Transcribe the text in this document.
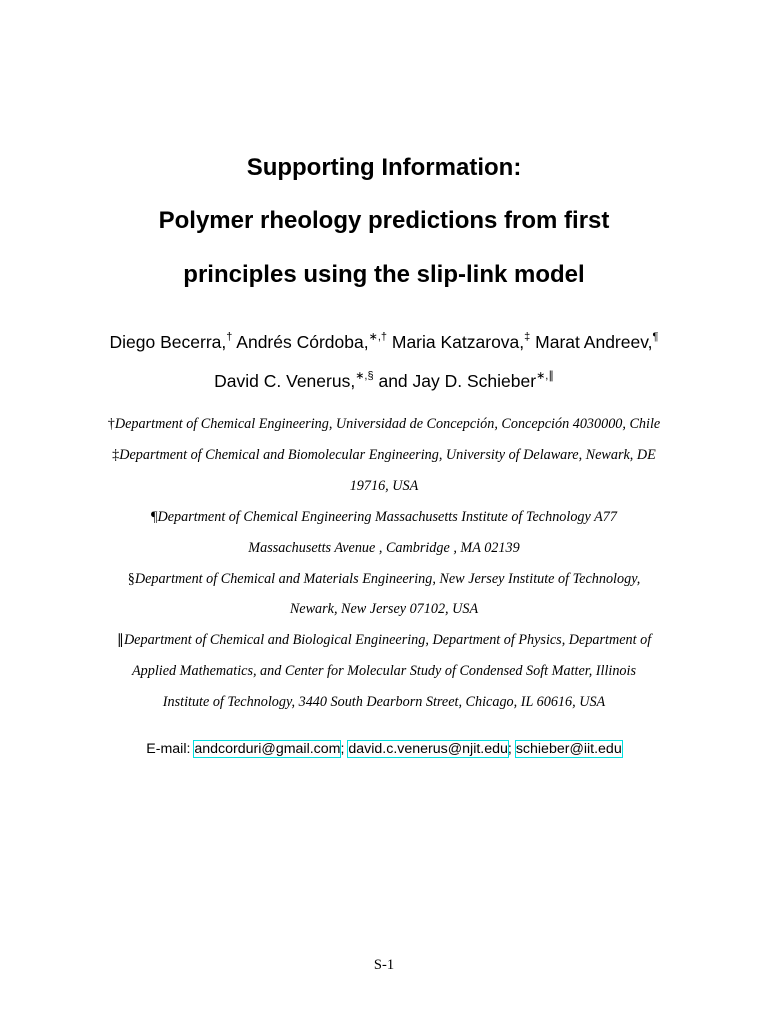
Supporting Information:
Polymer rheology predictions from first
principles using the slip-link model
Diego Becerra,† Andrés Córdoba,∗,† Maria Katzarova,‡ Marat Andreev,¶
David C. Venerus,∗,§ and Jay D. Schieber∗,∥
†Department of Chemical Engineering, Universidad de Concepción, Concepción 4030000, Chile
‡Department of Chemical and Biomolecular Engineering, University of Delaware, Newark, DE
19716, USA
¶Department of Chemical Engineering Massachusetts Institute of Technology A77
Massachusetts Avenue , Cambridge , MA 02139
§Department of Chemical and Materials Engineering, New Jersey Institute of Technology,
Newark, New Jersey 07102, USA
∥Department of Chemical and Biological Engineering, Department of Physics, Department of
Applied Mathematics, and Center for Molecular Study of Condensed Soft Matter, Illinois
Institute of Technology, 3440 South Dearborn Street, Chicago, IL 60616, USA
E-mail: andcorduri@gmail.com; david.c.venerus@njit.edu; schieber@iit.edu
S-1
